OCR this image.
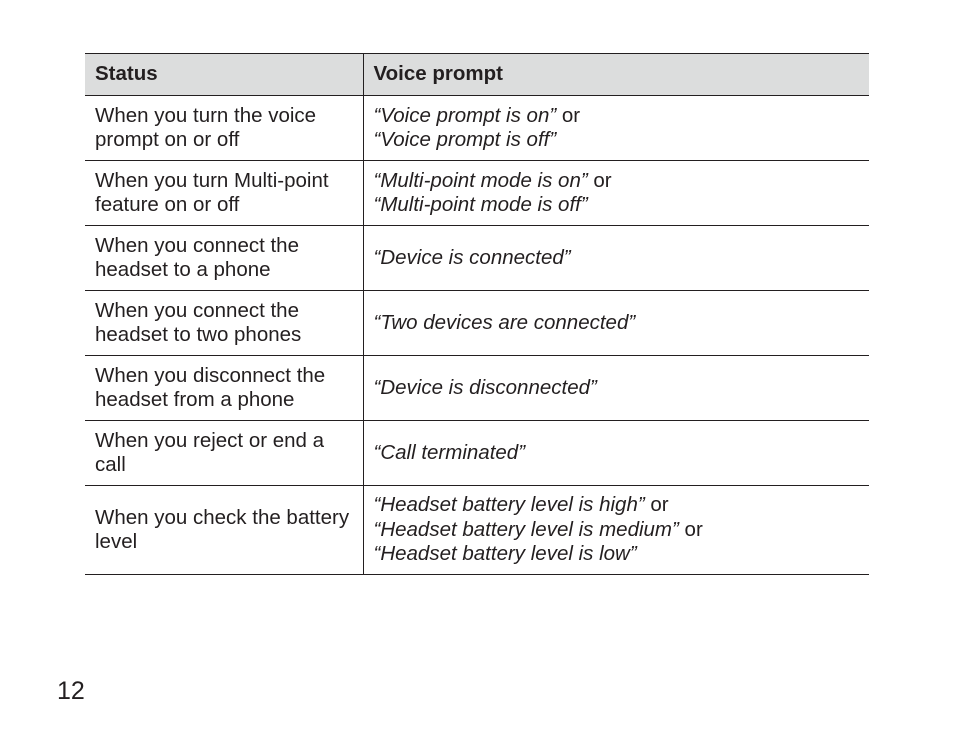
Status	Voice prompt
When you turn the voice prompt on or off	“Voice prompt is on” or
“Voice prompt is off”

When you turn Multi-point feature on or off	“Multi-point mode is on” or
“Multi-point mode is off”

When you connect the headset to a phone	“Device is connected”

When you connect the headset to two phones	“Two devices are connected”

When you disconnect the headset from a phone	“Device is disconnected”

When you reject or end a call	“Call terminated”

When you check the battery level	“Headset battery level is high” or
“Headset battery level is medium” or
“Headset battery level is low”
12
